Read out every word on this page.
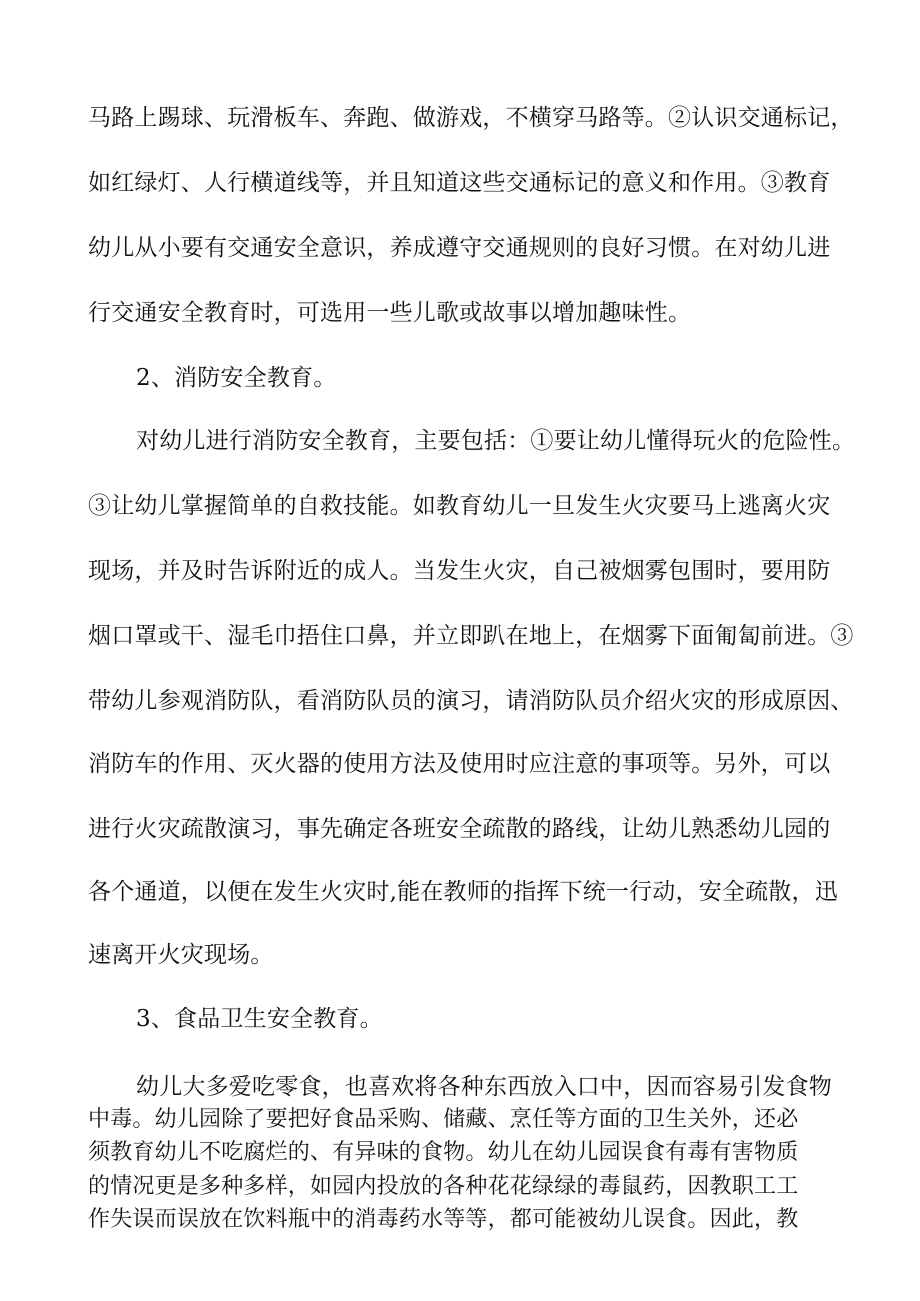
马路上踢球、玩滑板车、奔跑、做游戏，不横穿马路等。②认识交通标记，
如红绿灯、人行横道线等，并且知道这些交通标记的意义和作用。③教育
幼儿从小要有交通安全意识，养成遵守交通规则的良好习惯。在对幼儿进
行交通安全教育时，可选用一些儿歌或故事以增加趣味性。
2、消防安全教育。
对幼儿进行消防安全教育，主要包括：①要让幼儿懂得玩火的危险性。
③让幼儿掌握简单的自救技能。如教育幼儿一旦发生火灾要马上逃离火灾
现场，并及时告诉附近的成人。当发生火灾，自己被烟雾包围时，要用防
烟口罩或干、湿毛巾捂住口鼻，并立即趴在地上，在烟雾下面匍匐前进。③
带幼儿参观消防队，看消防队员的演习，请消防队员介绍火灾的形成原因、
消防车的作用、灭火器的使用方法及使用时应注意的事项等。另外，可以
进行火灾疏散演习，事先确定各班安全疏散的路线，让幼儿熟悉幼儿园的
各个通道，以便在发生火灾时,能在教师的指挥下统一行动，安全疏散，迅
速离开火灾现场。
3、食品卫生安全教育。
幼儿大多爱吃零食，也喜欢将各种东西放入口中，因而容易引发食物
中毒。幼儿园除了要把好食品采购、储藏、烹任等方面的卫生关外，还必
须教育幼儿不吃腐烂的、有异味的食物。幼儿在幼儿园误食有毒有害物质
的情况更是多种多样，如园内投放的各种花花绿绿的毒鼠药，因教职工工
作失误而误放在饮料瓶中的消毒药水等等，都可能被幼儿误食。因此，教
